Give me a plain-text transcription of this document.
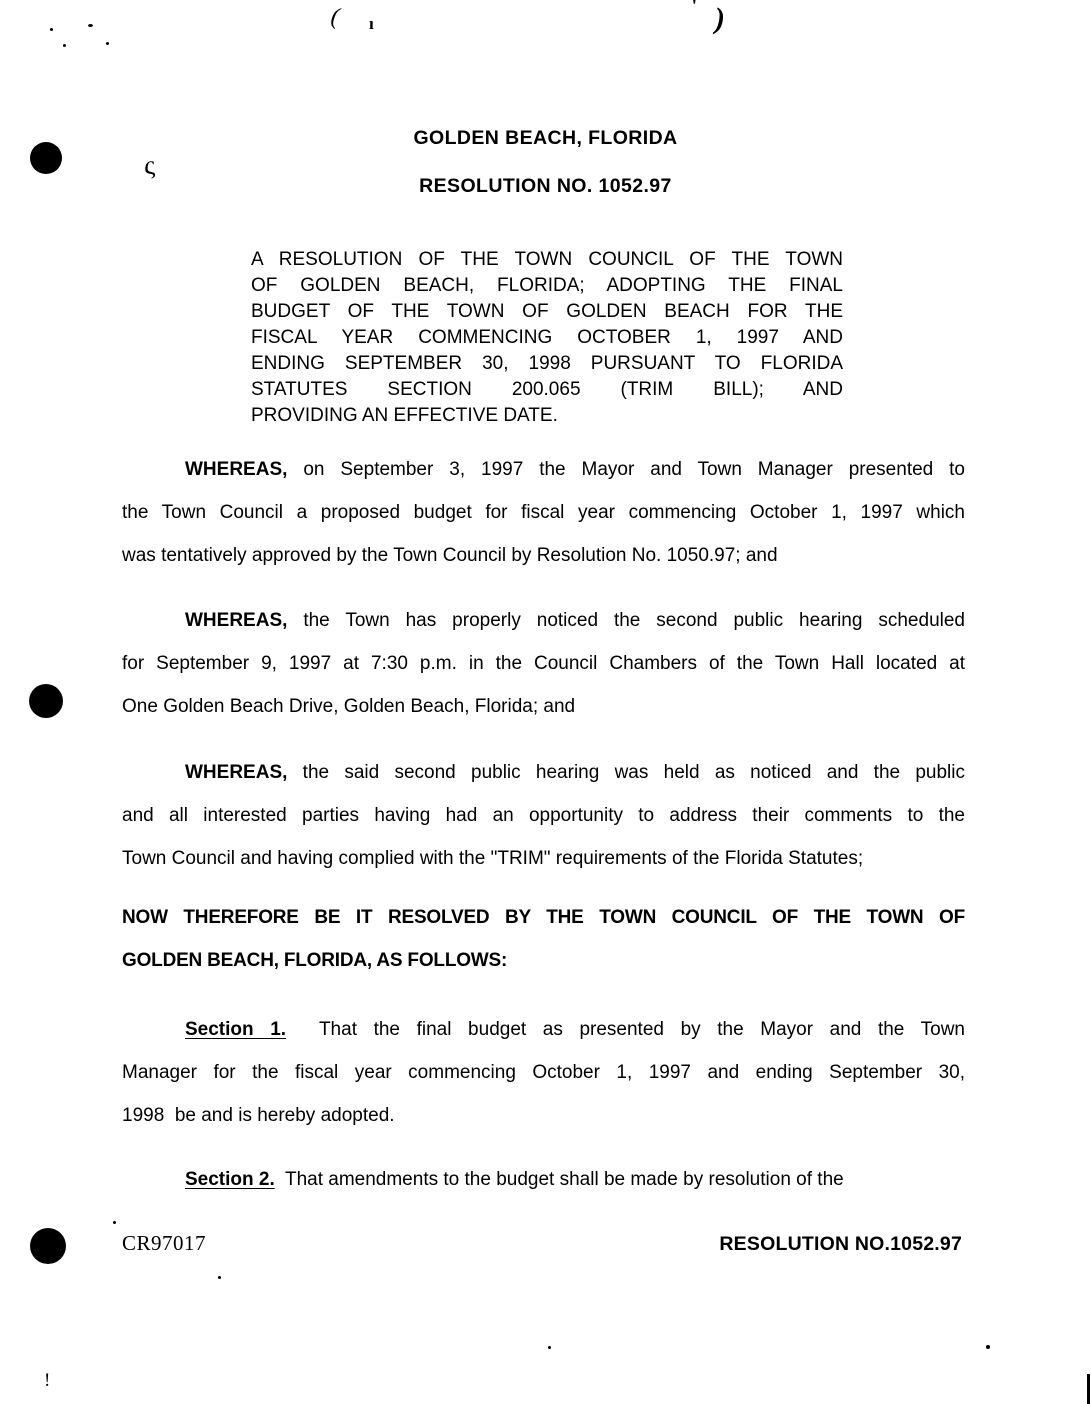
( ı
' )
ς
!
GOLDEN BEACH, FLORIDA
RESOLUTION NO. 1052.97
A RESOLUTION OF THE TOWN COUNCIL OF THE TOWN
OF GOLDEN BEACH, FLORIDA; ADOPTING THE FINAL
BUDGET OF THE TOWN OF GOLDEN BEACH FOR THE
FISCAL YEAR COMMENCING OCTOBER 1, 1997 AND
ENDING SEPTEMBER 30, 1998 PURSUANT TO FLORIDA
STATUTES SECTION 200.065 (TRIM BILL); AND
PROVIDING AN EFFECTIVE DATE.
WHEREAS, on September 3, 1997 the Mayor and Town Manager presented to
the Town Council a proposed budget for fiscal year commencing October 1, 1997 which
was tentatively approved by the Town Council by Resolution No. 1050.97; and
WHEREAS, the Town has properly noticed the second public hearing scheduled
for September 9, 1997 at 7:30 p.m. in the Council Chambers of the Town Hall located at
One Golden Beach Drive, Golden Beach, Florida; and
WHEREAS, the said second public hearing was held as noticed and the public
and all interested parties having had an opportunity to address their comments to the
Town Council and having complied with the "TRIM" requirements of the Florida Statutes;
NOW THEREFORE BE IT RESOLVED BY THE TOWN COUNCIL OF THE TOWN OF
GOLDEN BEACH, FLORIDA, AS FOLLOWS:
Section 1.  That the final budget as presented by the Mayor and the Town
Manager for the fiscal year commencing October 1, 1997 and ending September 30,
1998  be and is hereby adopted.
Section 2.  That amendments to the budget shall be made by resolution of the
CR97017	RESOLUTION NO.1052.97
